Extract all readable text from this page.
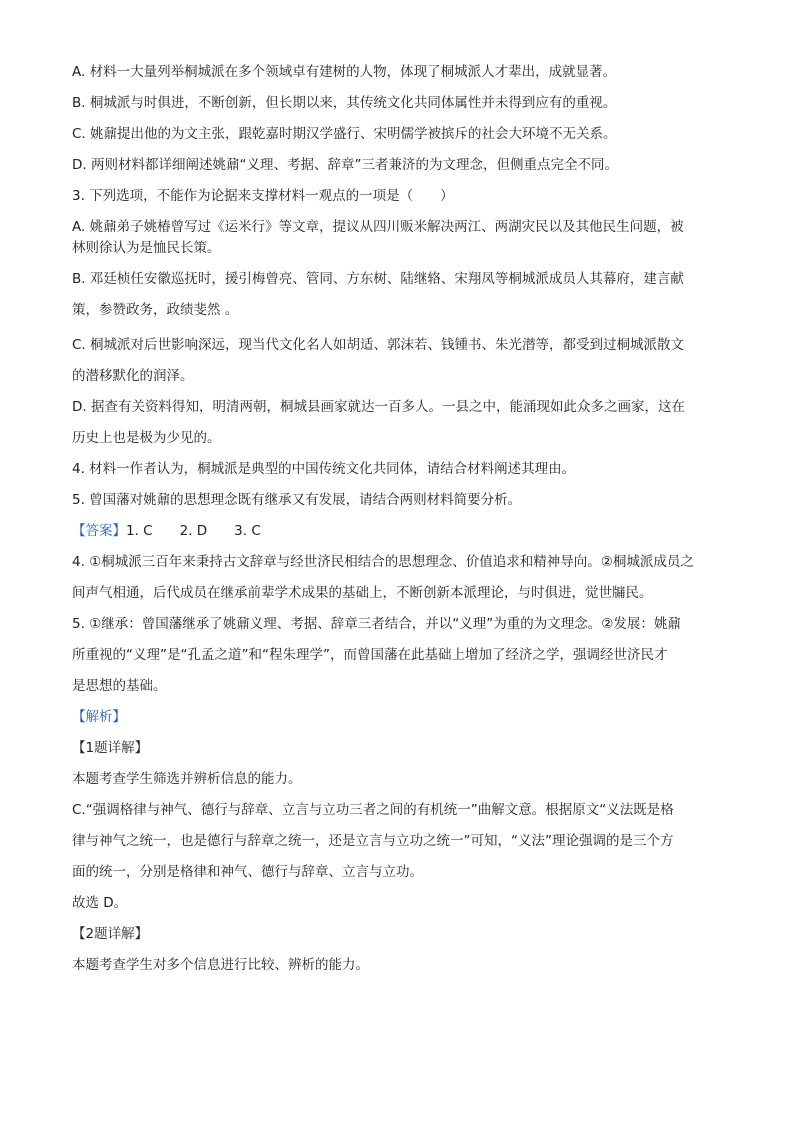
A. 材料一大量列举桐城派在多个领域卓有建树的人物，体现了桐城派人才辈出，成就显著。

B. 桐城派与时俱进，不断创新，但长期以来，其传统文化共同体属性并未得到应有的重视。

C. 姚鼐提出他的为文主张，跟乾嘉时期汉学盛行、宋明儒学被摈斥的社会大环境不无关系。

D. 两则材料都详细阐述姚鼐“义理、考据、辞章”三者兼济的为文理念，但侧重点完全不同。

3. 下列选项，不能作为论据来支撑材料一观点的一项是（　　）

A. 姚鼐弟子姚椿曾写过《运米行》等文章，提议从四川贩米解决两江、两湖灾民以及其他民生问题，被

林则徐认为是恤民长策。

B. 邓廷桢任安徽巡抚时，援引梅曾亮、管同、方东树、陆继辂、宋翔凤等桐城派成员人其幕府，建言献

策，参赞政务，政绩斐然 。

C. 桐城派对后世影响深远，现当代文化名人如胡适、郭沫若、钱锺书、朱光潜等，都受到过桐城派散文

的潜移默化的润泽。

D. 据查有关资料得知，明清两朝，桐城县画家就达一百多人。一县之中，能涌现如此众多之画家，这在

历史上也是极为少见的。

4. 材料一作者认为，桐城派是典型的中国传统文化共同体，请结合材料阐述其理由。

5. 曾国藩对姚鼐的思想理念既有继承又有发展，请结合两则材料简要分析。

【答案】1. C　　2. D　　3. C

4. ①桐城派三百年来秉持古文辞章与经世济民相结合的思想理念、价值追求和精神导向。②桐城派成员之

间声气相通，后代成员在继承前辈学术成果的基础上，不断创新本派理论，与时俱进，觉世牖民。

5. ①继承：曾国藩继承了姚鼐义理、考据、辞章三者结合，并以“义理”为重的为文理念。②发展：姚鼐

所重视的“义理”是“孔孟之道”和“程朱理学”，而曾国藩在此基础上增加了经济之学，强调经世济民才

是思想的基础。

【解析】

【1题详解】

本题考查学生筛选并辨析信息的能力。

C.“强调格律与神气、德行与辞章、立言与立功三者之间的有机统一”曲解文意。根据原文“义法既是格

律与神气之统一，也是德行与辞章之统一，还是立言与立功之统一”可知，“义法”理论强调的是三个方

面的统一，分别是格律和神气、德行与辞章、立言与立功。

故选 D。

【2题详解】

本题考查学生对多个信息进行比较、辨析的能力。
